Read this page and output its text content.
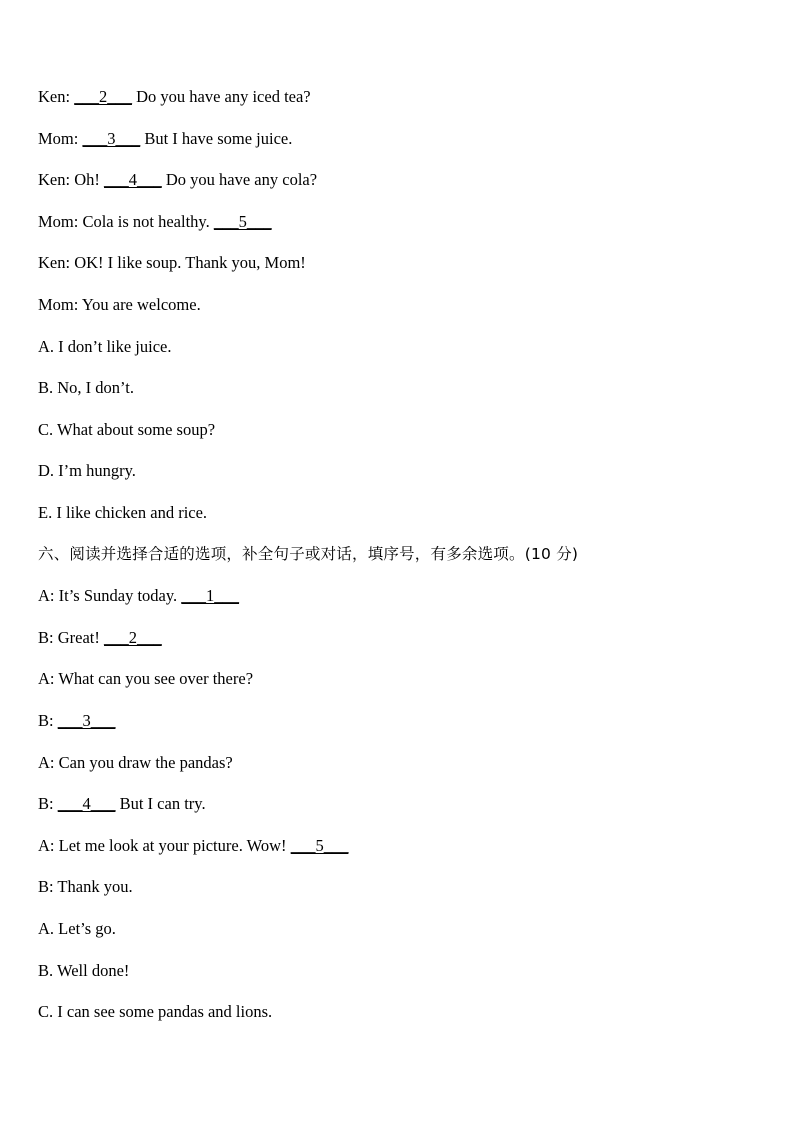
Ken: ___2___ Do you have any iced tea?
Mom: ___3___ But I have some juice.
Ken: Oh! ___4___ Do you have any cola?
Mom: Cola is not healthy. ___5___
Ken: OK! I like soup. Thank you, Mom!
Mom: You are welcome.
A. I don’t like juice.
B. No, I don’t.
C. What about some soup?
D. I’m hungry.
E. I like chicken and rice.
六、阅读并选择合适的选项，补全句子或对话，填序号，有多余选项。(10 分)
A: It’s Sunday today. ___1___
B: Great! ___2___
A: What can you see over there?
B: ___3___
A: Can you draw the pandas?
B: ___4___ But I can try.
A: Let me look at your picture. Wow! ___5___
B: Thank you.
A. Let’s go.
B. Well done!
C. I can see some pandas and lions.
